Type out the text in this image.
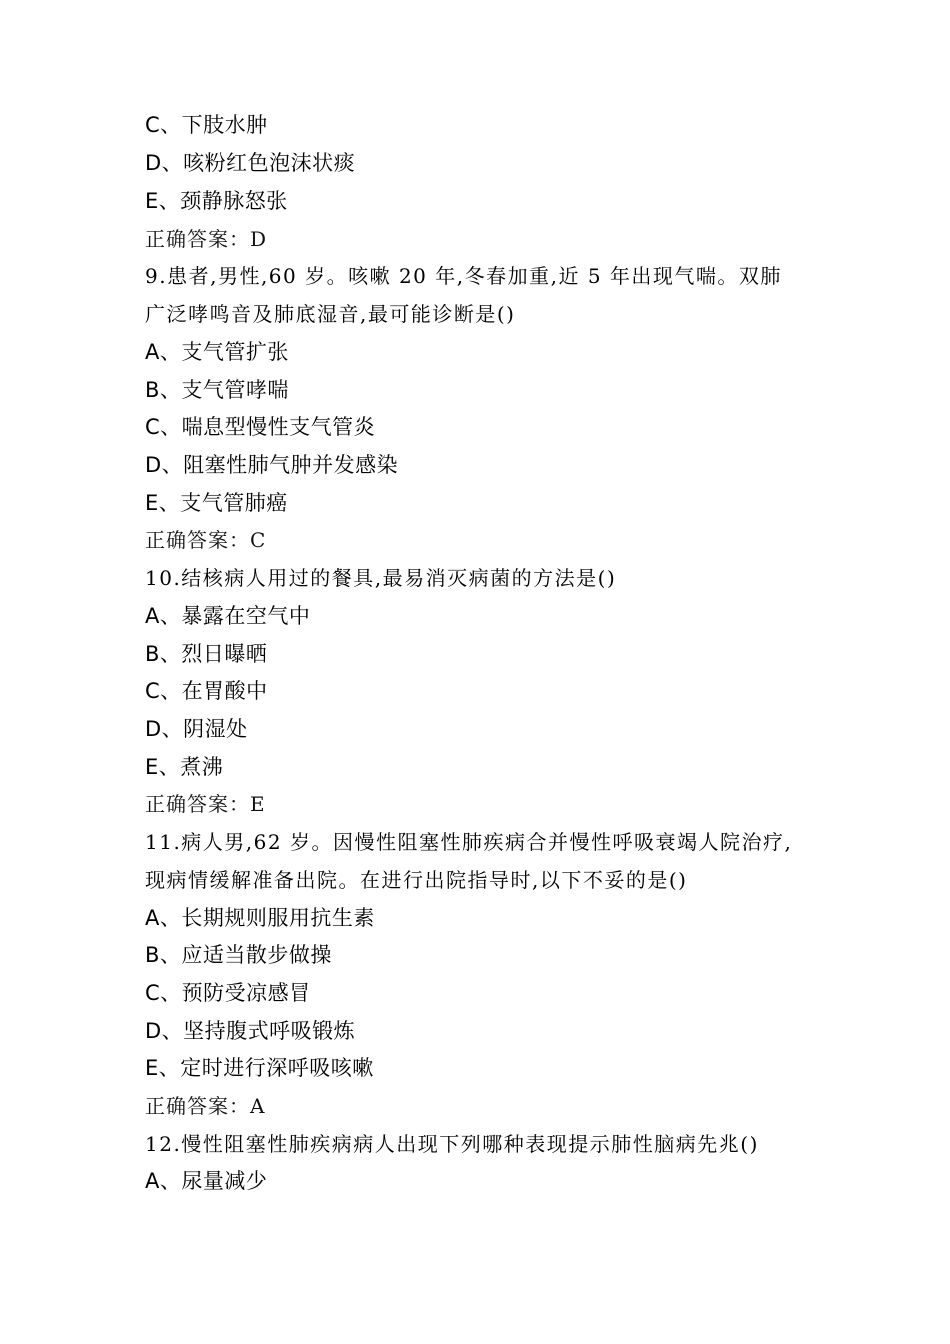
C、下肢水肿
D、咳粉红色泡沫状痰
E、颈静脉怒张
正确答案：D
9.患者,男性,60 岁。咳嗽 20 年,冬春加重,近 5 年出现气喘。双肺
广泛哮鸣音及肺底湿音,最可能诊断是()
A、支气管扩张
B、支气管哮喘
C、喘息型慢性支气管炎
D、阻塞性肺气肿并发感染
E、支气管肺癌
正确答案：C
10.结核病人用过的餐具,最易消灭病菌的方法是()
A、暴露在空气中
B、烈日曝晒
C、在胃酸中
D、阴湿处
E、煮沸
正确答案：E
11.病人男,62 岁。因慢性阻塞性肺疾病合并慢性呼吸衰竭人院治疗,
现病情缓解准备出院。在进行出院指导时,以下不妥的是()
A、长期规则服用抗生素
B、应适当散步做操
C、预防受凉感冒
D、坚持腹式呼吸锻炼
E、定时进行深呼吸咳嗽
正确答案：A
12.慢性阻塞性肺疾病病人出现下列哪种表现提示肺性脑病先兆()
A、尿量减少
